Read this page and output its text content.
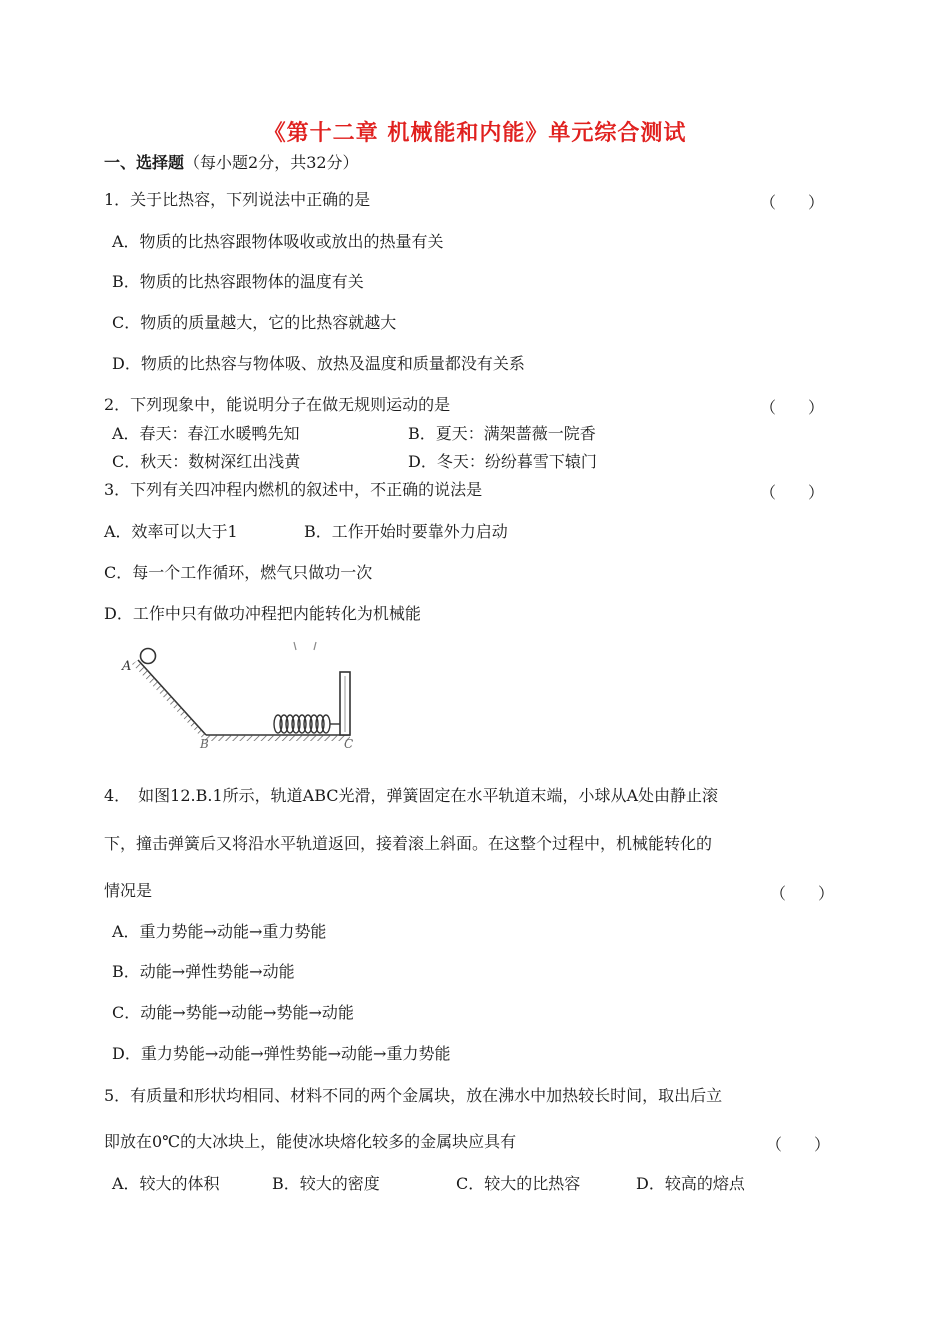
《第十二章 机械能和内能》单元综合测试
一、选择题（每小题2分，共32分）
1．关于比热容，下列说法中正确的是	（　　）
A．物质的比热容跟物体吸收或放出的热量有关
B．物质的比热容跟物体的温度有关
C．物质的质量越大，它的比热容就越大
D．物质的比热容与物体吸、放热及温度和质量都没有关系
2．下列现象中，能说明分子在做无规则运动的是	（　　）
A．春天：春江水暖鸭先知	B．夏天：满架蔷薇一院香
C．秋天：数树深红出浅黄	D．冬天：纷纷暮雪下辕门
3．下列有关四冲程内燃机的叙述中，不正确的说法是	（　　）
A．效率可以大于1	B．工作开始时要靠外力启动
C．每一个工作循环，燃气只做功一次
D．工作中只有做功冲程把内能转化为机械能
A
B	C
4．　如图12.B.1所示，轨道ABC光滑，弹簧固定在水平轨道末端，小球从A处由静止滚
下，撞击弹簧后又将沿水平轨道返回，接着滚上斜面。在这整个过程中，机械能转化的
情况是	（　　）
A．重力势能→动能→重力势能
B．动能→弹性势能→动能
C．动能→势能→动能→势能→动能
D．重力势能→动能→弹性势能→动能→重力势能
5．有质量和形状均相同、材料不同的两个金属块，放在沸水中加热较长时间，取出后立
即放在0℃的大冰块上，能使冰块熔化较多的金属块应具有	（　　）
A．较大的体积	B．较大的密度	C．较大的比热容	D．较高的熔点
